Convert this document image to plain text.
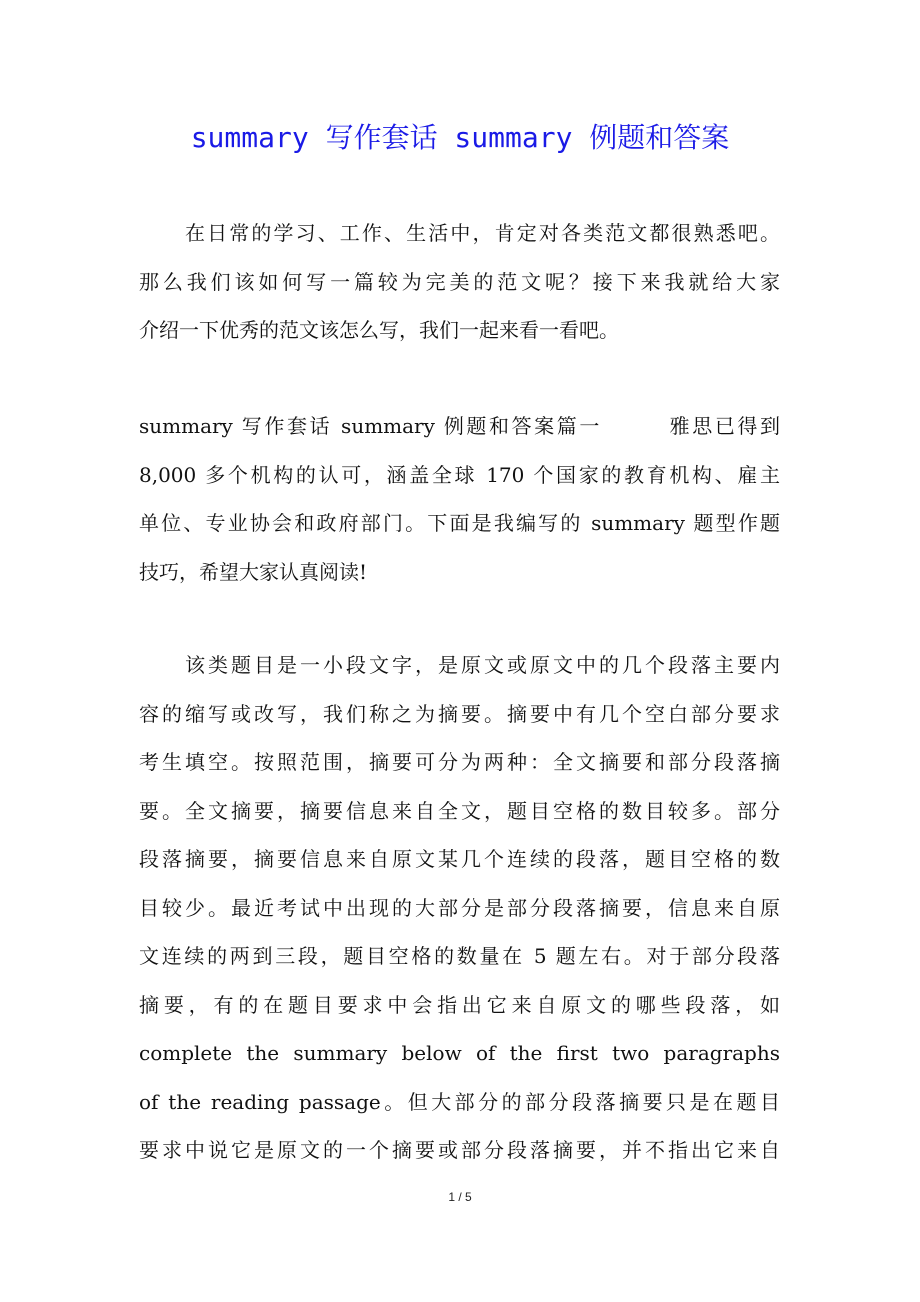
summary 写作套话 summary 例题和答案
在日常的学习、工作、生活中，肯定对各类范文都很熟悉吧。
那么我们该如何写一篇较为完美的范文呢？接下来我就给大家
介绍一下优秀的范文该怎么写，我们一起来看一看吧。
summary 写作套话 summary 例题和答案篇一　　　雅思已得到
8,000 多个机构的认可，涵盖全球 170 个国家的教育机构、雇主
单位、专业协会和政府部门。下面是我编写的 summary 题型作题
技巧，希望大家认真阅读!
该类题目是一小段文字，是原文或原文中的几个段落主要内
容的缩写或改写，我们称之为摘要。摘要中有几个空白部分要求
考生填空。按照范围，摘要可分为两种：全文摘要和部分段落摘
要。全文摘要，摘要信息来自全文，题目空格的数目较多。部分
段落摘要，摘要信息来自原文某几个连续的段落，题目空格的数
目较少。最近考试中出现的大部分是部分段落摘要，信息来自原
文连续的两到三段，题目空格的数量在 5 题左右。对于部分段落
摘要，有的在题目要求中会指出它来自原文的哪些段落，如
complete the summary below of the first two paragraphs
of the reading passage。但大部分的部分段落摘要只是在题目
要求中说它是原文的一个摘要或部分段落摘要，并不指出它来自
1 / 5
